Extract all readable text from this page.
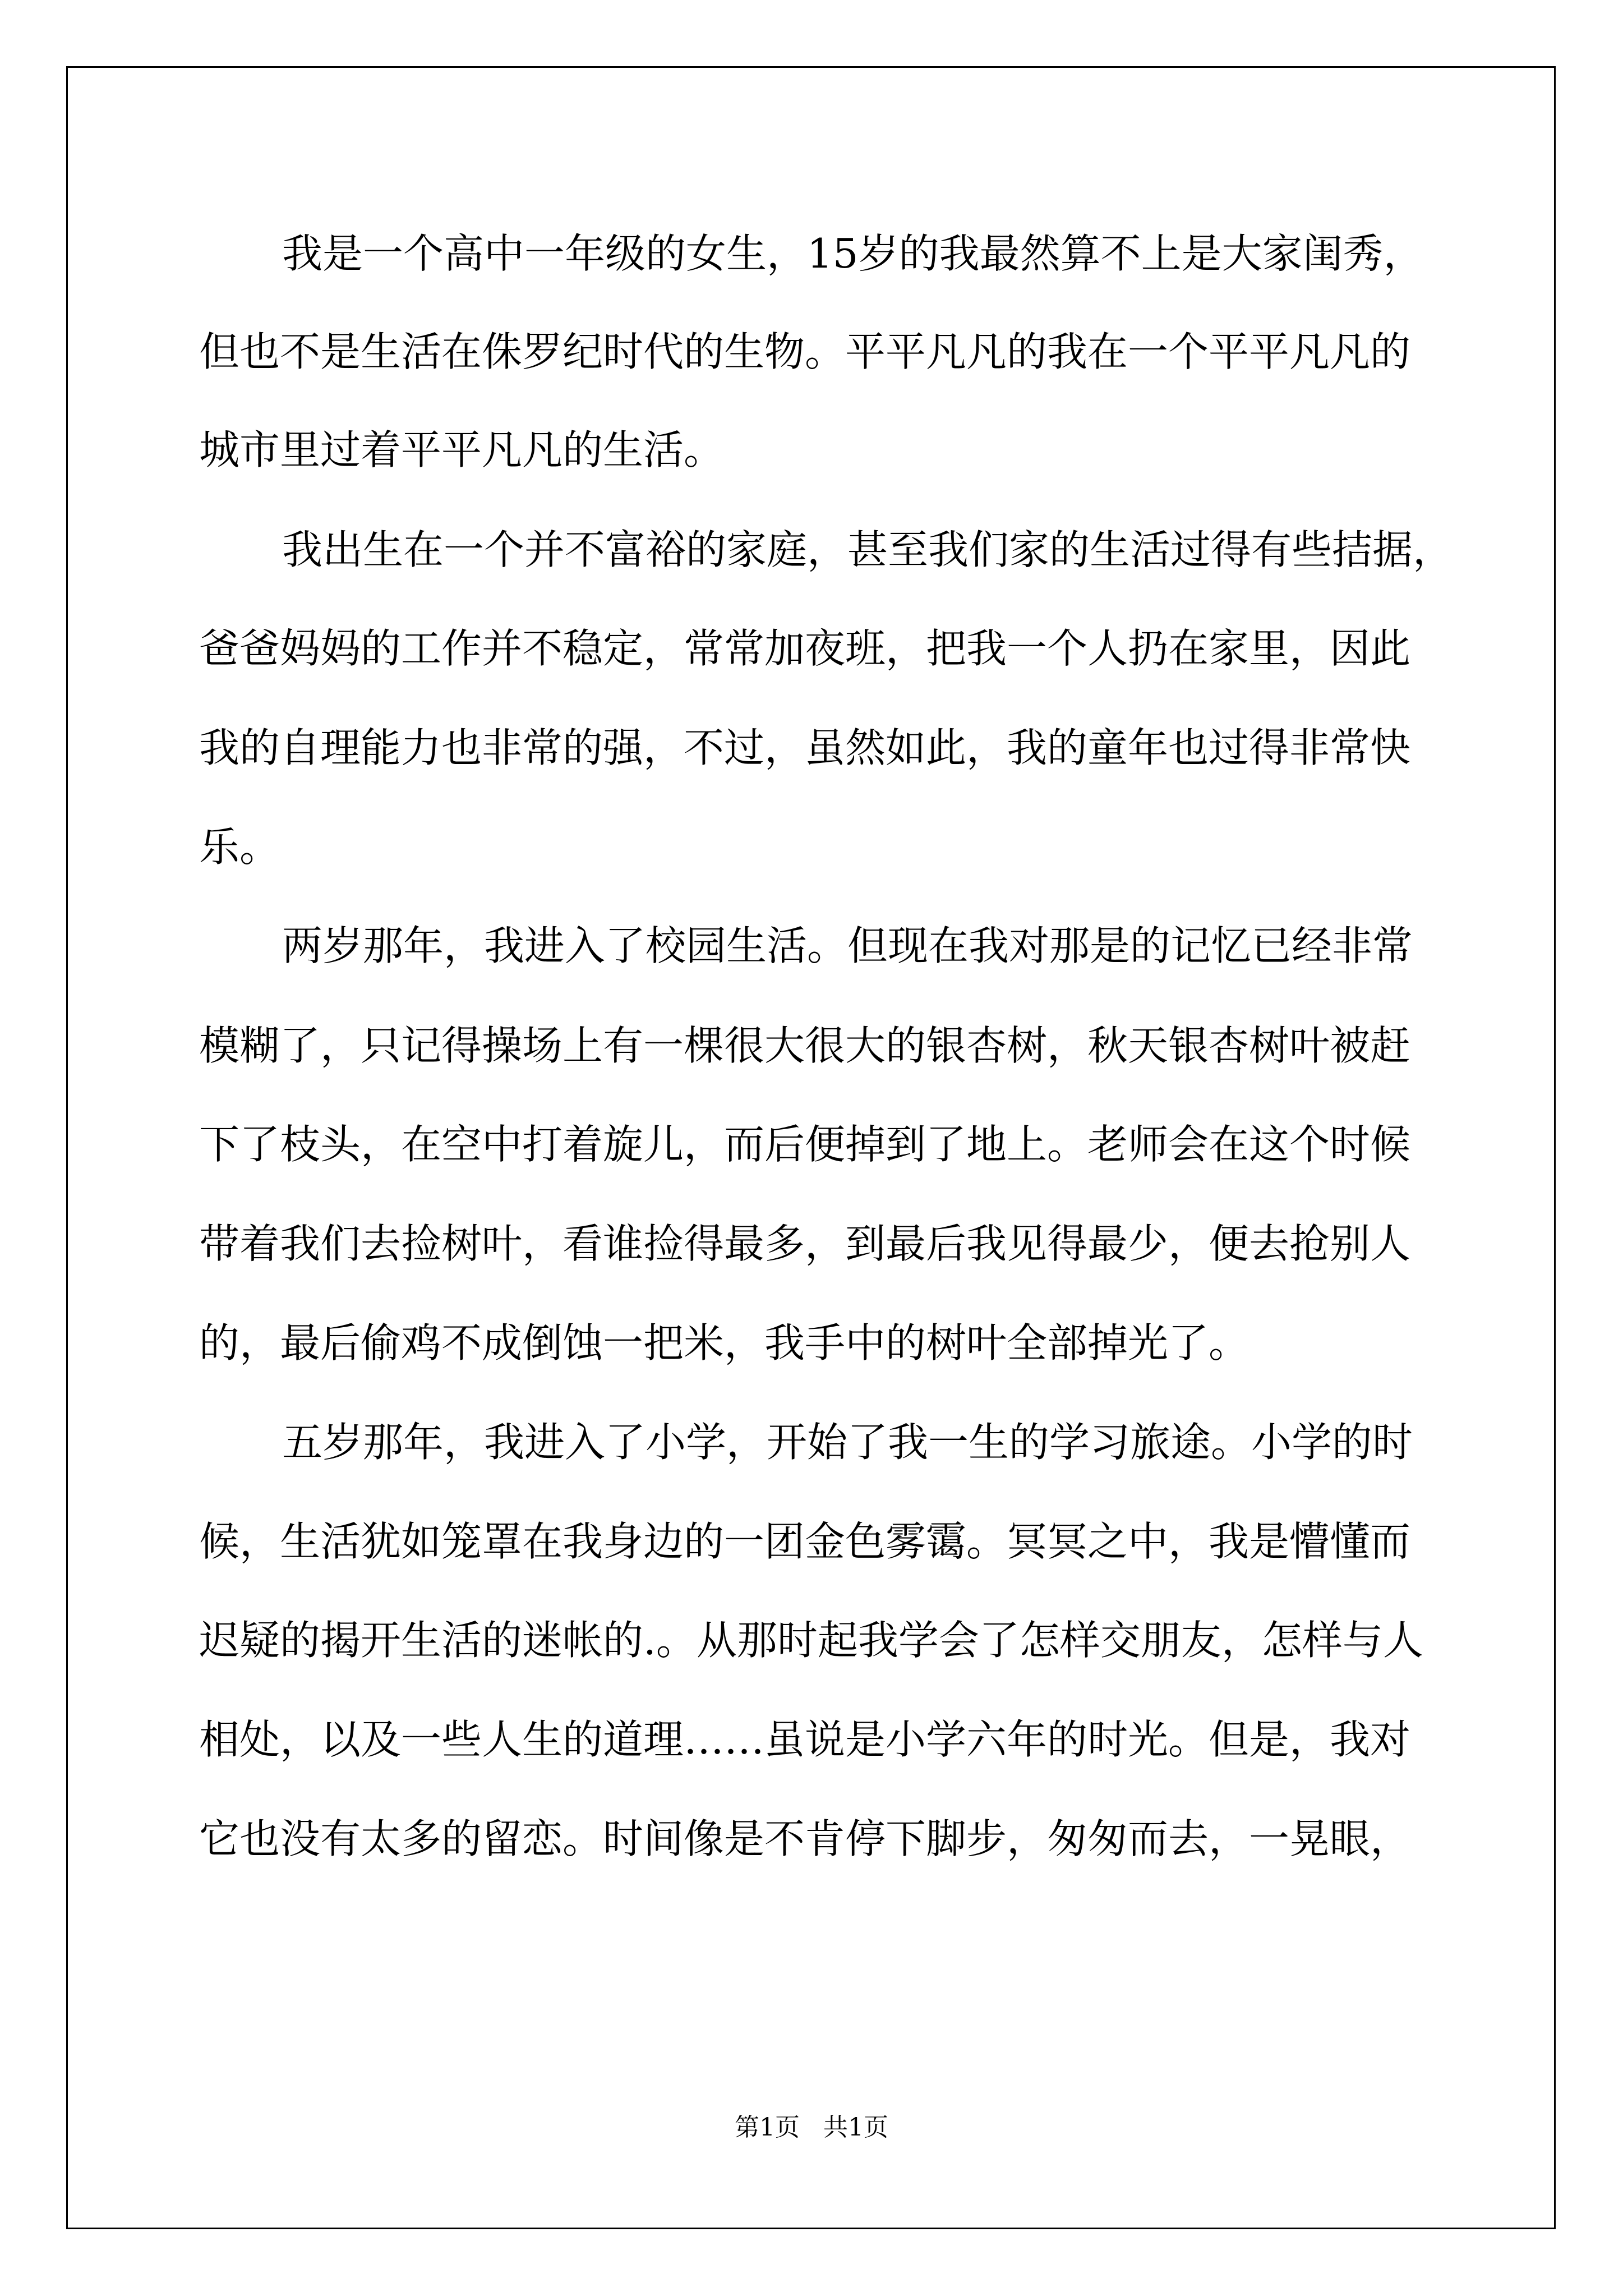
我是一个高中一年级的女生，15岁的我最然算不上是大家闺秀，
但也不是生活在侏罗纪时代的生物。平平凡凡的我在一个平平凡凡的
城市里过着平平凡凡的生活。
我出生在一个并不富裕的家庭，甚至我们家的生活过得有些拮据，
爸爸妈妈的工作并不稳定，常常加夜班，把我一个人扔在家里，因此
我的自理能力也非常的强，不过，虽然如此，我的童年也过得非常快
乐。
两岁那年，我进入了校园生活。但现在我对那是的记忆已经非常
模糊了，只记得操场上有一棵很大很大的银杏树，秋天银杏树叶被赶
下了枝头，在空中打着旋儿，而后便掉到了地上。老师会在这个时候
带着我们去捡树叶，看谁捡得最多，到最后我见得最少，便去抢别人
的，最后偷鸡不成倒蚀一把米，我手中的树叶全部掉光了。
五岁那年，我进入了小学，开始了我一生的学习旅途。小学的时
候，生活犹如笼罩在我身边的一团金色雾霭。冥冥之中，我是懵懂而
迟疑的揭开生活的迷帐的.。从那时起我学会了怎样交朋友，怎样与人
相处，以及一些人生的道理……虽说是小学六年的时光。但是，我对
它也没有太多的留恋。时间像是不肯停下脚步，匆匆而去，一晃眼，
第1页   共1页
